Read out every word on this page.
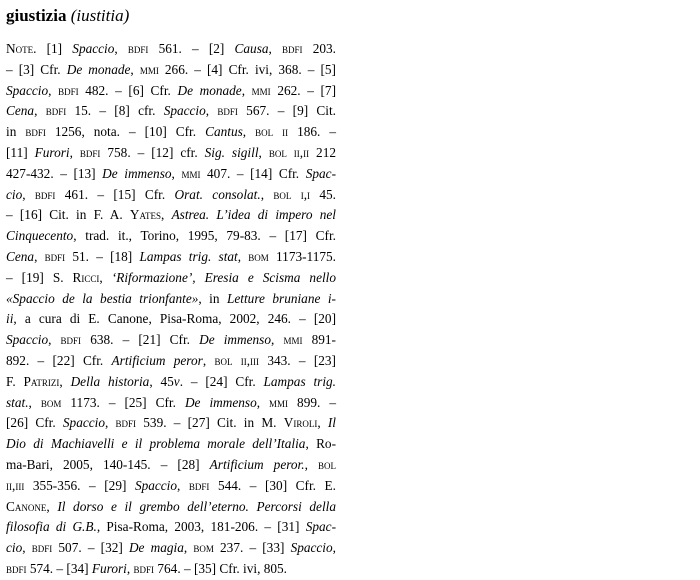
giustizia (iustitia)
Note. [1] Spaccio, bdfi 561. – [2] Causa, bdfi 203.
– [3] Cfr. De monade, mmi 266. – [4] Cfr. ivi, 368. – [5]
Spaccio, bdfi 482. – [6] Cfr. De monade, mmi 262. – [7]
Cena, bdfi 15. – [8] cfr. Spaccio, bdfi 567. – [9] Cit.
in bdfi 1256, nota. – [10] Cfr. Cantus, bol ii 186. –
[11] Furori, bdfi 758. – [12] cfr. Sig. sigill, bol ii,ii 212
427-432. – [13] De immenso, mmi 407. – [14] Cfr. Spac-
cio, bdfi 461. – [15] Cfr. Orat. consolat., bol i,i 45.
– [16] Cit. in F. A. Yates, Astrea. L’idea di impero nel
Cinquecento, trad. it., Torino, 1995, 79-83. – [17] Cfr.
Cena, bdfi 51. – [18] Lampas trig. stat, bom 1173-1175.
– [19] S. Ricci, ‘Riformazione’, Eresia e Scisma nello
«Spaccio de la bestia trionfante», in Letture bruniane i-
ii, a cura di E. Canone, Pisa-Roma, 2002, 246. – [20]
Spaccio, bdfi 638. – [21] Cfr. De immenso, mmi 891-
892. – [22] Cfr. Artificium peror, bol ii,iii 343. – [23]
F. Patrizi, Della historia, 45v. – [24] Cfr. Lampas trig.
stat., bom 1173. – [25] Cfr. De immenso, mmi 899. –
[26] Cfr. Spaccio, bdfi 539. – [27] Cit. in M. Viroli, Il
Dio di Machiavelli e il problema morale dell’Italia, Ro-
ma-Bari, 2005, 140-145. – [28] Artificium peror., bol
ii,iii 355-356. – [29] Spaccio, bdfi 544. – [30] Cfr. E.
Canone, Il dorso e il grembo dell’eterno. Percorsi della
filosofia di G.B., Pisa-Roma, 2003, 181-206. – [31] Spac-
cio, bdfi 507. – [32] De magia, bom 237. – [33] Spaccio,
bdfi 574. – [34] Furori, bdfi 764. – [35] Cfr. ivi, 805.
